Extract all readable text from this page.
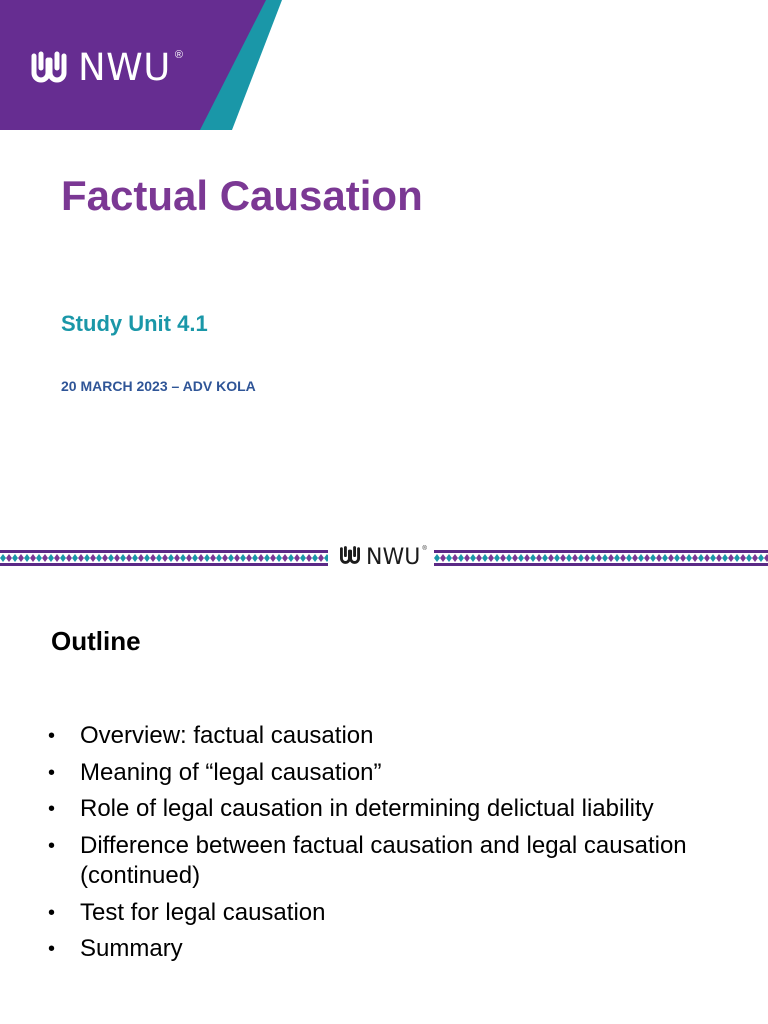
NWU ®
Factual Causation

Study Unit 4.1

20 MARCH 2023 – ADV KOLA

NWU ®
Outline
• Overview: factual causation
• Meaning of “legal causation”
• Role of legal causation in determining delictual liability
• Difference between factual causation and legal causation (continued)
• Test for legal causation
• Summary
